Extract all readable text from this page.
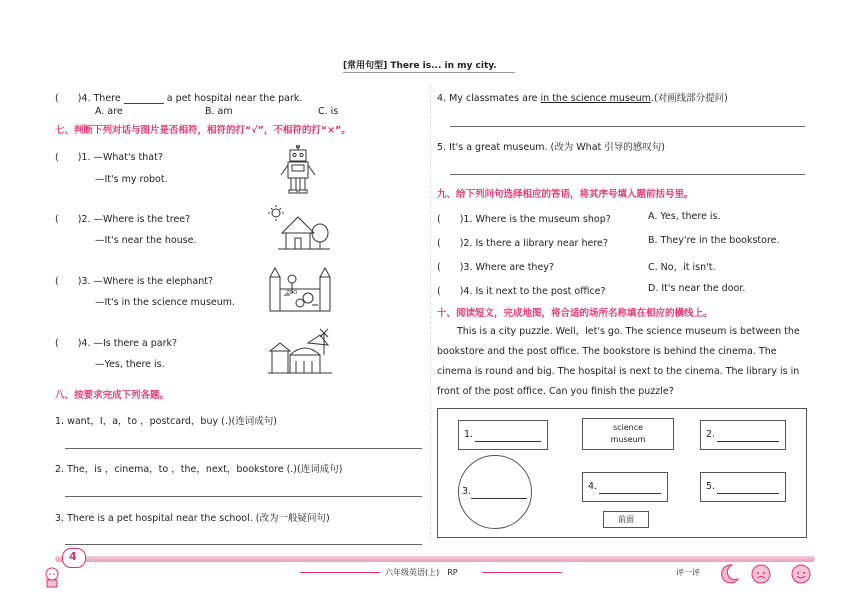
[常用句型] There is... in my city.
(　　)4. There	a pet hospital near the park.
A. are	B. am	C. is
七、判断下列对话与图片是否相符，相符的打“√”，不相符的打“×”。
(　　)1. —What's that?
—It's my robot.
(　　)2. —Where is the tree?
—It's near the house.
(　　)3. —Where is the elephant?
—It's in the science museum.
(　　)4. —Is there a park?
—Yes, there is.
ZOO
八、按要求完成下列各题。
1. want，I，a，to ，postcard，buy (.)(连词成句)
2. The，is ，cinema，to ，the，next，bookstore (.)(连词成句)
3. There is a pet hospital near the school. (改为一般疑问句)
4. My classmates are in the science museum.(对画线部分提问)
5. It's a great museum. (改为 What 引导的感叹句)
九、给下列问句选择相应的答语，将其序号填入题前括号里。
(　　)1. Where is the museum shop?	A. Yes, there is.
(　　)2. Is there a library near here?	B. They're in the bookstore.
(　　)3. Where are they?	C. No，it isn't.
(　　)4. Is it next to the post office?	D. It's near the door.
十、阅读短文，完成地图，将合适的场所名称填在相应的横线上。
This is a city puzzle. Well，let's go. The science museum is between the
bookstore and the post office. The bookstore is behind the cinema. The
cinema is round and big. The hospital is next to the cinema. The library is in
front of the post office. Can you finish the puzzle?
1.
science museum	2.
3.	4.	5.
前面
4
六年级英语(上)　RP	评一评
